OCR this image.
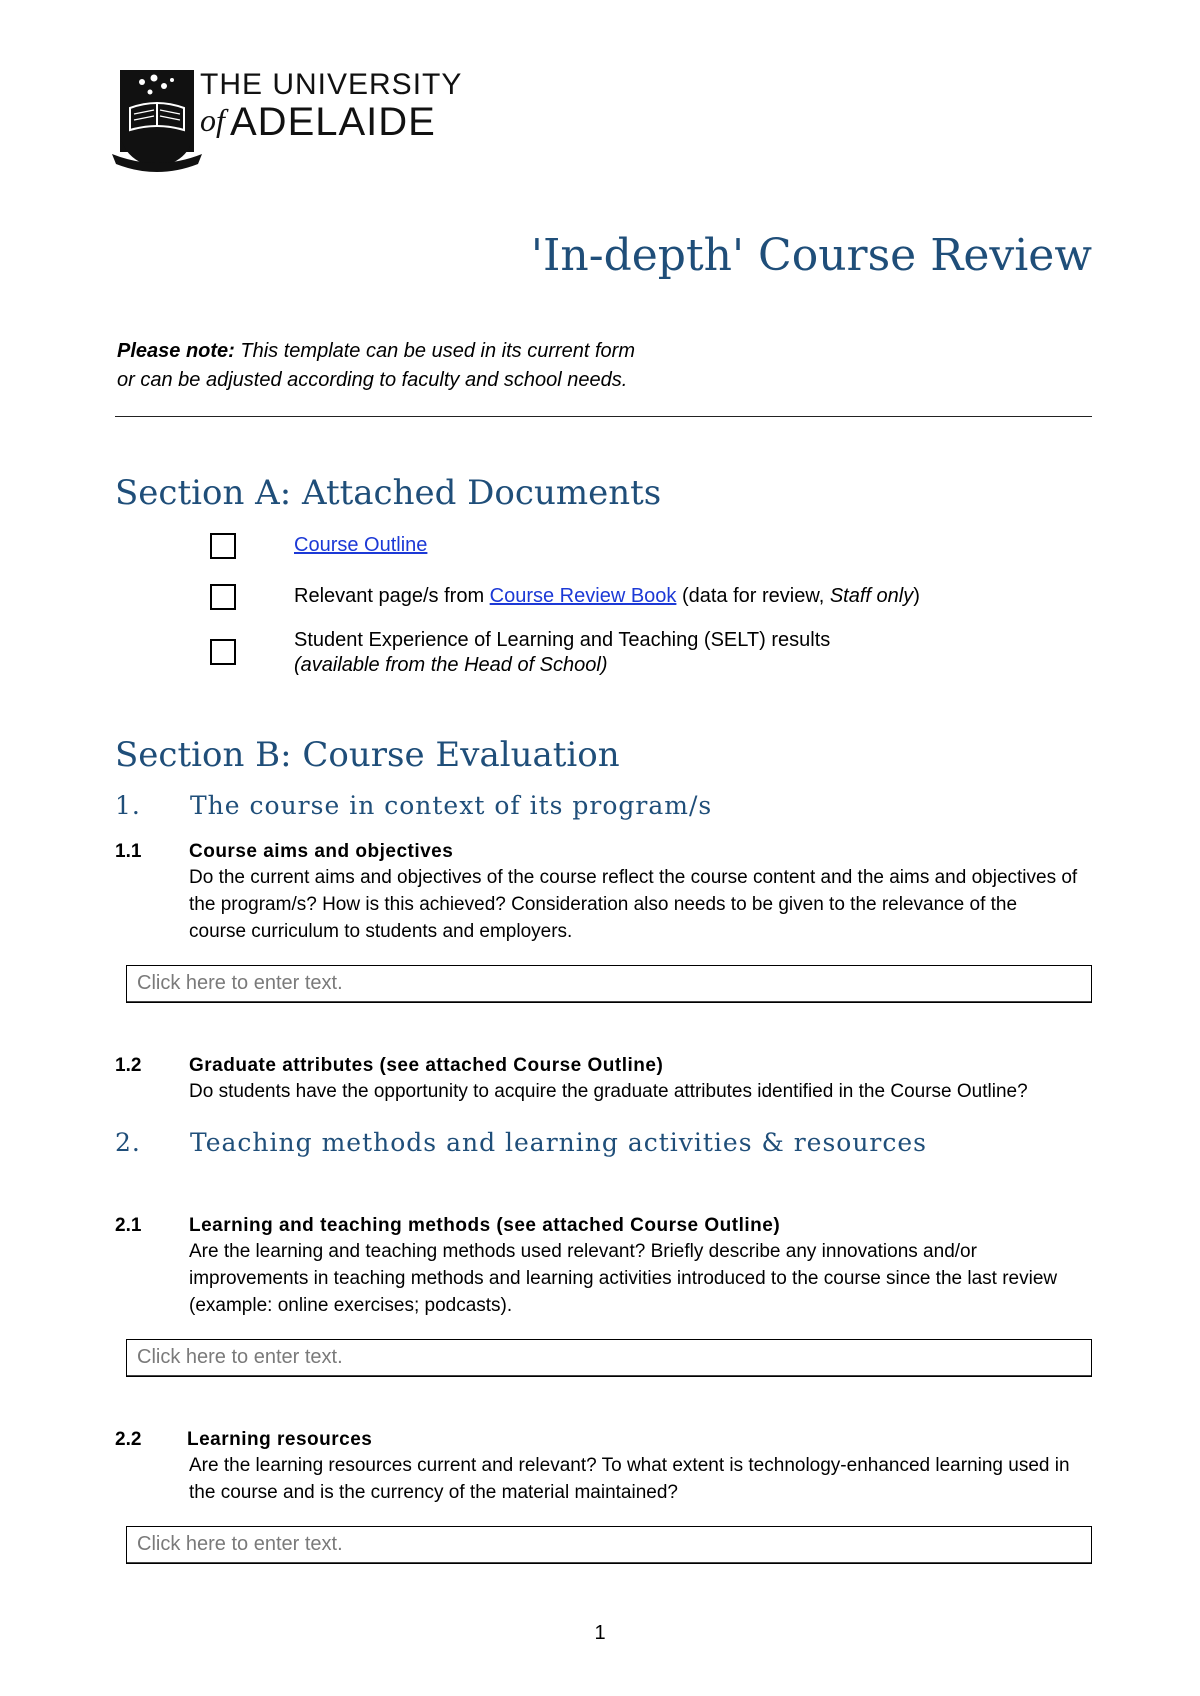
THE UNIVERSITY
of ADELAIDE
'In-depth' Course Review
Please note: This template can be used in its current form
or can be adjusted according to faculty and school needs.
Section A: Attached Documents
Course Outline
Relevant page/s from Course Review Book (data for review, Staff only)
Student Experience of Learning and Teaching (SELT) results
(available from the Head of School)
Section B: Course Evaluation
1. The course in context of its program/s
1.1	Course aims and objectives
Do the current aims and objectives of the course reflect the course content and the aims and objectives of the program/s? How is this achieved? Consideration also needs to be given to the relevance of the course curriculum to students and employers.
Click here to enter text.
1.2	Graduate attributes (see attached Course Outline)
Do students have the opportunity to acquire the graduate attributes identified in the Course Outline?
2. Teaching methods and learning activities & resources
2.1	Learning and teaching methods (see attached Course Outline)
Are the learning and teaching methods used relevant? Briefly describe any innovations and/or improvements in teaching methods and learning activities introduced to the course since the last review (example: online exercises; podcasts).
Click here to enter text.
2.2 Learning resources
Are the learning resources current and relevant? To what extent is technology-enhanced learning used in the course and is the currency of the material maintained?
Click here to enter text.
1
